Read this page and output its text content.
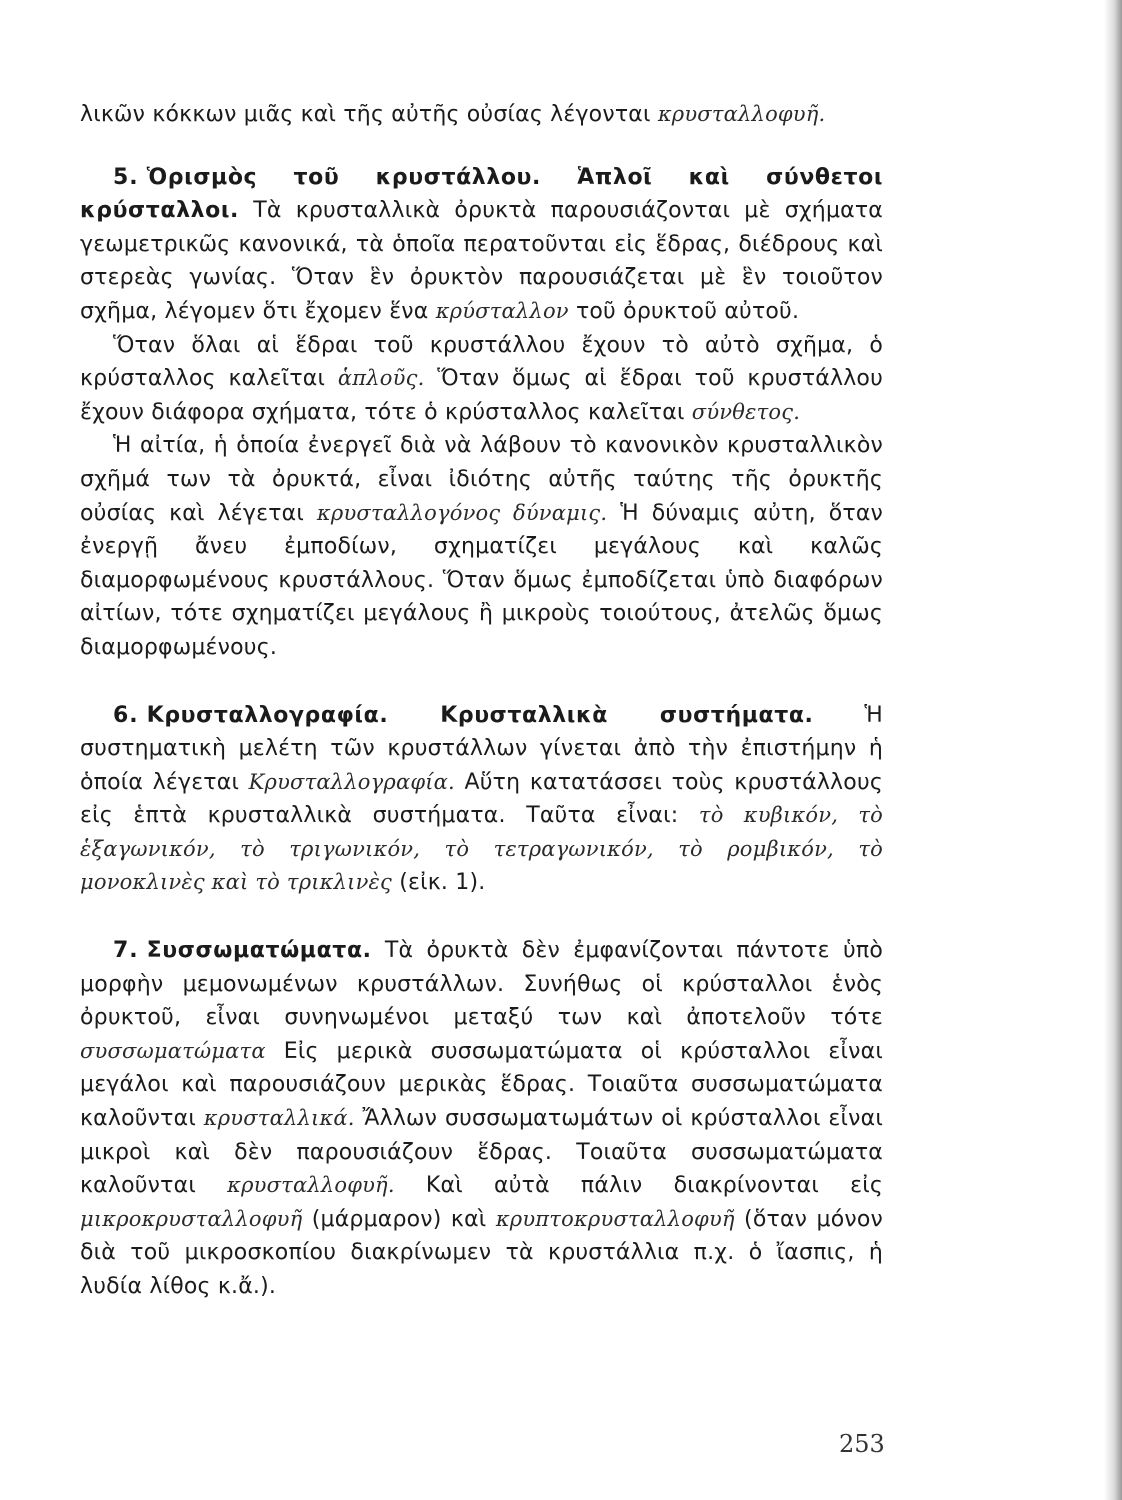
λικῶν κόκκων μιᾶς καὶ τῆς αὐτῆς οὐσίας λέγονται κρυσταλλοφυῆ.

5. Ὁρισμὸς τοῦ κρυστάλλου. Ἁπλοῖ καὶ σύνθετοι κρύσταλλοι. Τὰ κρυσταλλικὰ ὀρυκτὰ παρουσιάζονται μὲ σχήματα γεωμετρικῶς κανονικά, τὰ ὁποῖα περατοῦνται εἰς ἕδρας, διέδρους καὶ στερεὰς γωνίας. Ὅταν ἓν ὀρυκτὸν παρουσιάζεται μὲ ἓν τοιοῦτον σχῆμα, λέγομεν ὅτι ἔχομεν ἕνα κρύσταλλον τοῦ ὀρυκτοῦ αὐτοῦ.

Ὅταν ὅλαι αἱ ἕδραι τοῦ κρυστάλλου ἔχουν τὸ αὐτὸ σχῆμα, ὁ κρύσταλλος καλεῖται ἁπλοῦς. Ὅταν ὅμως αἱ ἕδραι τοῦ κρυστάλλου ἔχουν διάφορα σχήματα, τότε ὁ κρύσταλλος καλεῖται σύνθετος.

Ἡ αἰτία, ἡ ὁποία ἐνεργεῖ διὰ νὰ λάβουν τὸ κανονικὸν κρυσταλλικὸν σχῆμά των τὰ ὀρυκτά, εἶναι ἰδιότης αὐτῆς ταύτης τῆς ὀρυκτῆς οὐσίας καὶ λέγεται κρυσταλλογόνος δύναμις. Ἡ δύναμις αὐτη, ὅταν ἐνεργῇ ἄνευ ἐμποδίων, σχηματίζει μεγάλους καὶ καλῶς διαμορφωμένους κρυστάλλους. Ὅταν ὅμως ἐμποδίζεται ὑπὸ διαφόρων αἰτίων, τότε σχηματίζει μεγάλους ἢ μικροὺς τοιούτους, ἀτελῶς ὅμως διαμορφωμένους.

6. Κρυσταλλογραφία. Κρυσταλλικὰ συστήματα. Ἡ συστηματικὴ μελέτη τῶν κρυστάλλων γίνεται ἀπὸ τὴν ἐπιστήμην ἡ ὁποία λέγεται Κρυσταλλογραφία. Αὕτη κατατάσσει τοὺς κρυστάλλους εἰς ἑπτὰ κρυσταλλικὰ συστήματα. Ταῦτα εἶναι: τὸ κυβικόν, τὸ ἑξαγωνικόν, τὸ τριγωνικόν, τὸ τετραγωνικόν, τὸ ρομβικόν, τὸ μονοκλινὲς καὶ τὸ τρικλινὲς (εἰκ. 1).

7. Συσσωματώματα. Τὰ ὀρυκτὰ δὲν ἐμφανίζονται πάντοτε ὑπὸ μορφὴν μεμονωμένων κρυστάλλων. Συνήθως οἱ κρύσταλλοι ἑνὸς ὀρυκτοῦ, εἶναι συνηνωμένοι μεταξύ των καὶ ἀποτελοῦν τότε συσσωματώματα Εἰς μερικὰ συσσωματώματα οἱ κρύσταλλοι εἶναι μεγάλοι καὶ παρουσιάζουν μερικὰς ἕδρας. Τοιαῦτα συσσωματώματα καλοῦνται κρυσταλλικά. Ἄλλων συσσωματωμάτων οἱ κρύσταλλοι εἶναι μικροὶ καὶ δὲν παρουσιάζουν ἕδρας. Τοιαῦτα συσσωματώματα καλοῦνται κρυσταλλοφυῆ. Καὶ αὐτὰ πάλιν διακρίνονται εἰς μικροκρυσταλλοφυῆ (μάρμαρον) καὶ κρυπτοκρυσταλλοφυῆ (ὅταν μόνον διὰ τοῦ μικροσκοπίου διακρίνωμεν τὰ κρυστάλλια π.χ. ὁ ἴασπις, ἡ λυδία λίθος κ.ἄ.).

253
